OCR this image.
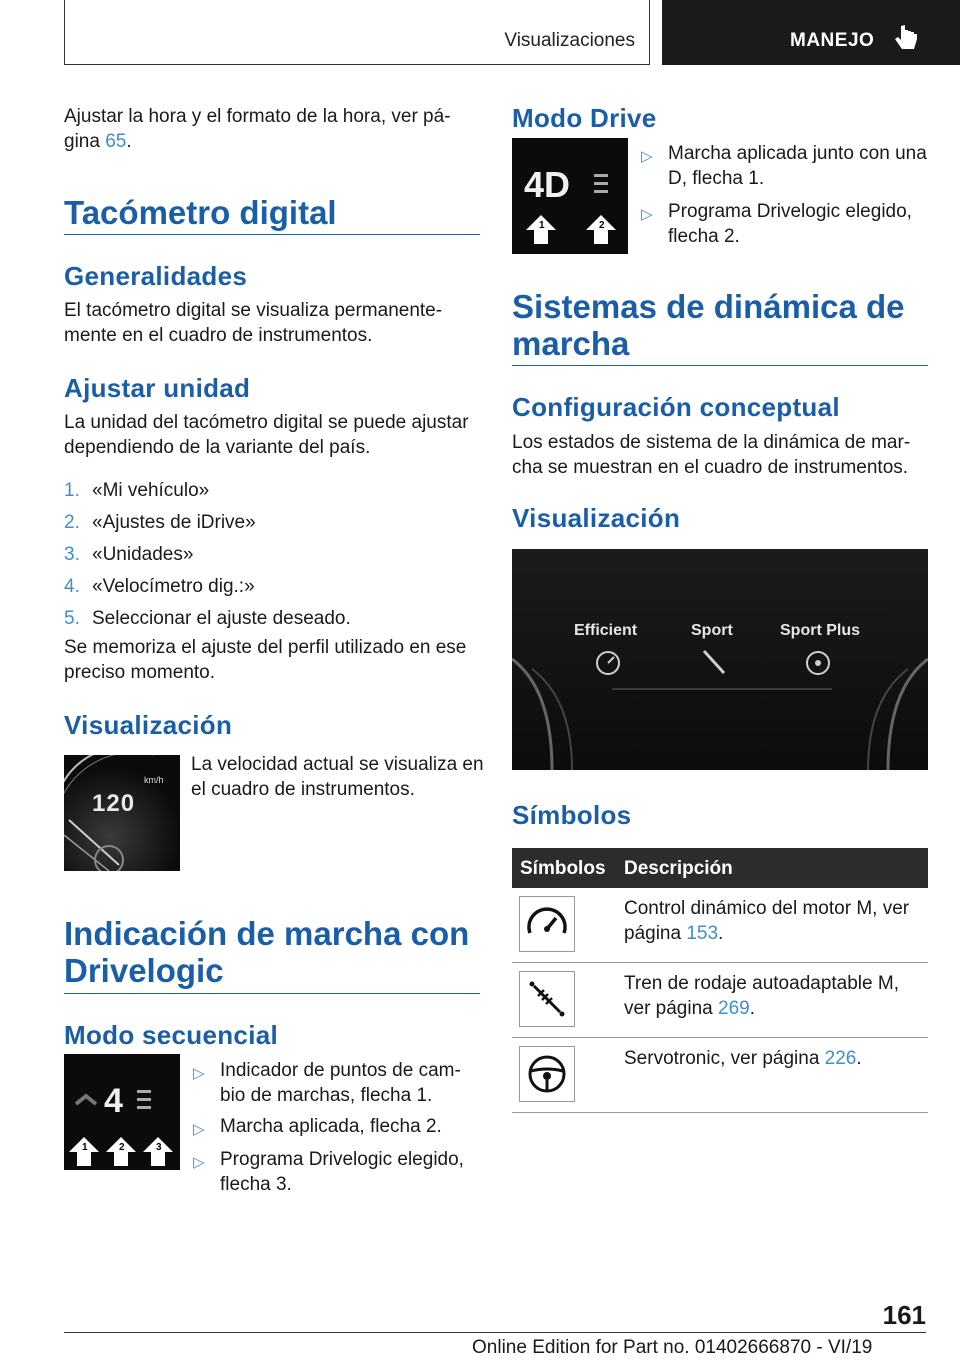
Visualizaciones	MANEJO
Ajustar la hora y el formato de la hora, ver pá‐
gina 65.
Tacómetro digital
Generalidades
El tacómetro digital se visualiza permanente‐
mente en el cuadro de instrumentos.
Ajustar unidad
La unidad del tacómetro digital se puede ajustar
dependiendo de la variante del país.
1. «Mi vehículo»
2. «Ajustes de iDrive»
3. «Unidades»
4. «Velocímetro dig.:»
5. Seleccionar el ajuste deseado.
Se memoriza el ajuste del perfil utilizado en ese
preciso momento.
Visualización
La velocidad actual se visualiza en
el cuadro de instrumentos.
km/h
120
Indicación de marcha con
Drivelogic
Modo secuencial
4
1	2	3
▷ Indicador de puntos de cam‐
bio de marchas, flecha 1.
▷ Marcha aplicada, flecha 2.
▷ Programa Drivelogic elegido,
flecha 3.
Modo Drive
4D
1	2
▷ Marcha aplicada junto con una
D, flecha 1.
▷ Programa Drivelogic elegido,
flecha 2.
Sistemas de dinámica de
marcha
Configuración conceptual
Los estados de sistema de la dinámica de mar‐
cha se muestran en el cuadro de instrumentos.
Visualización
Efficient	Sport	Sport Plus
Símbolos
Símbolos Descripción
Control dinámico del motor M, ver
página 153.
Tren de rodaje autoadaptable M,
ver página 269.
Servotronic, ver página 226.
161
Online Edition for Part no. 01402666870 - VI/19
